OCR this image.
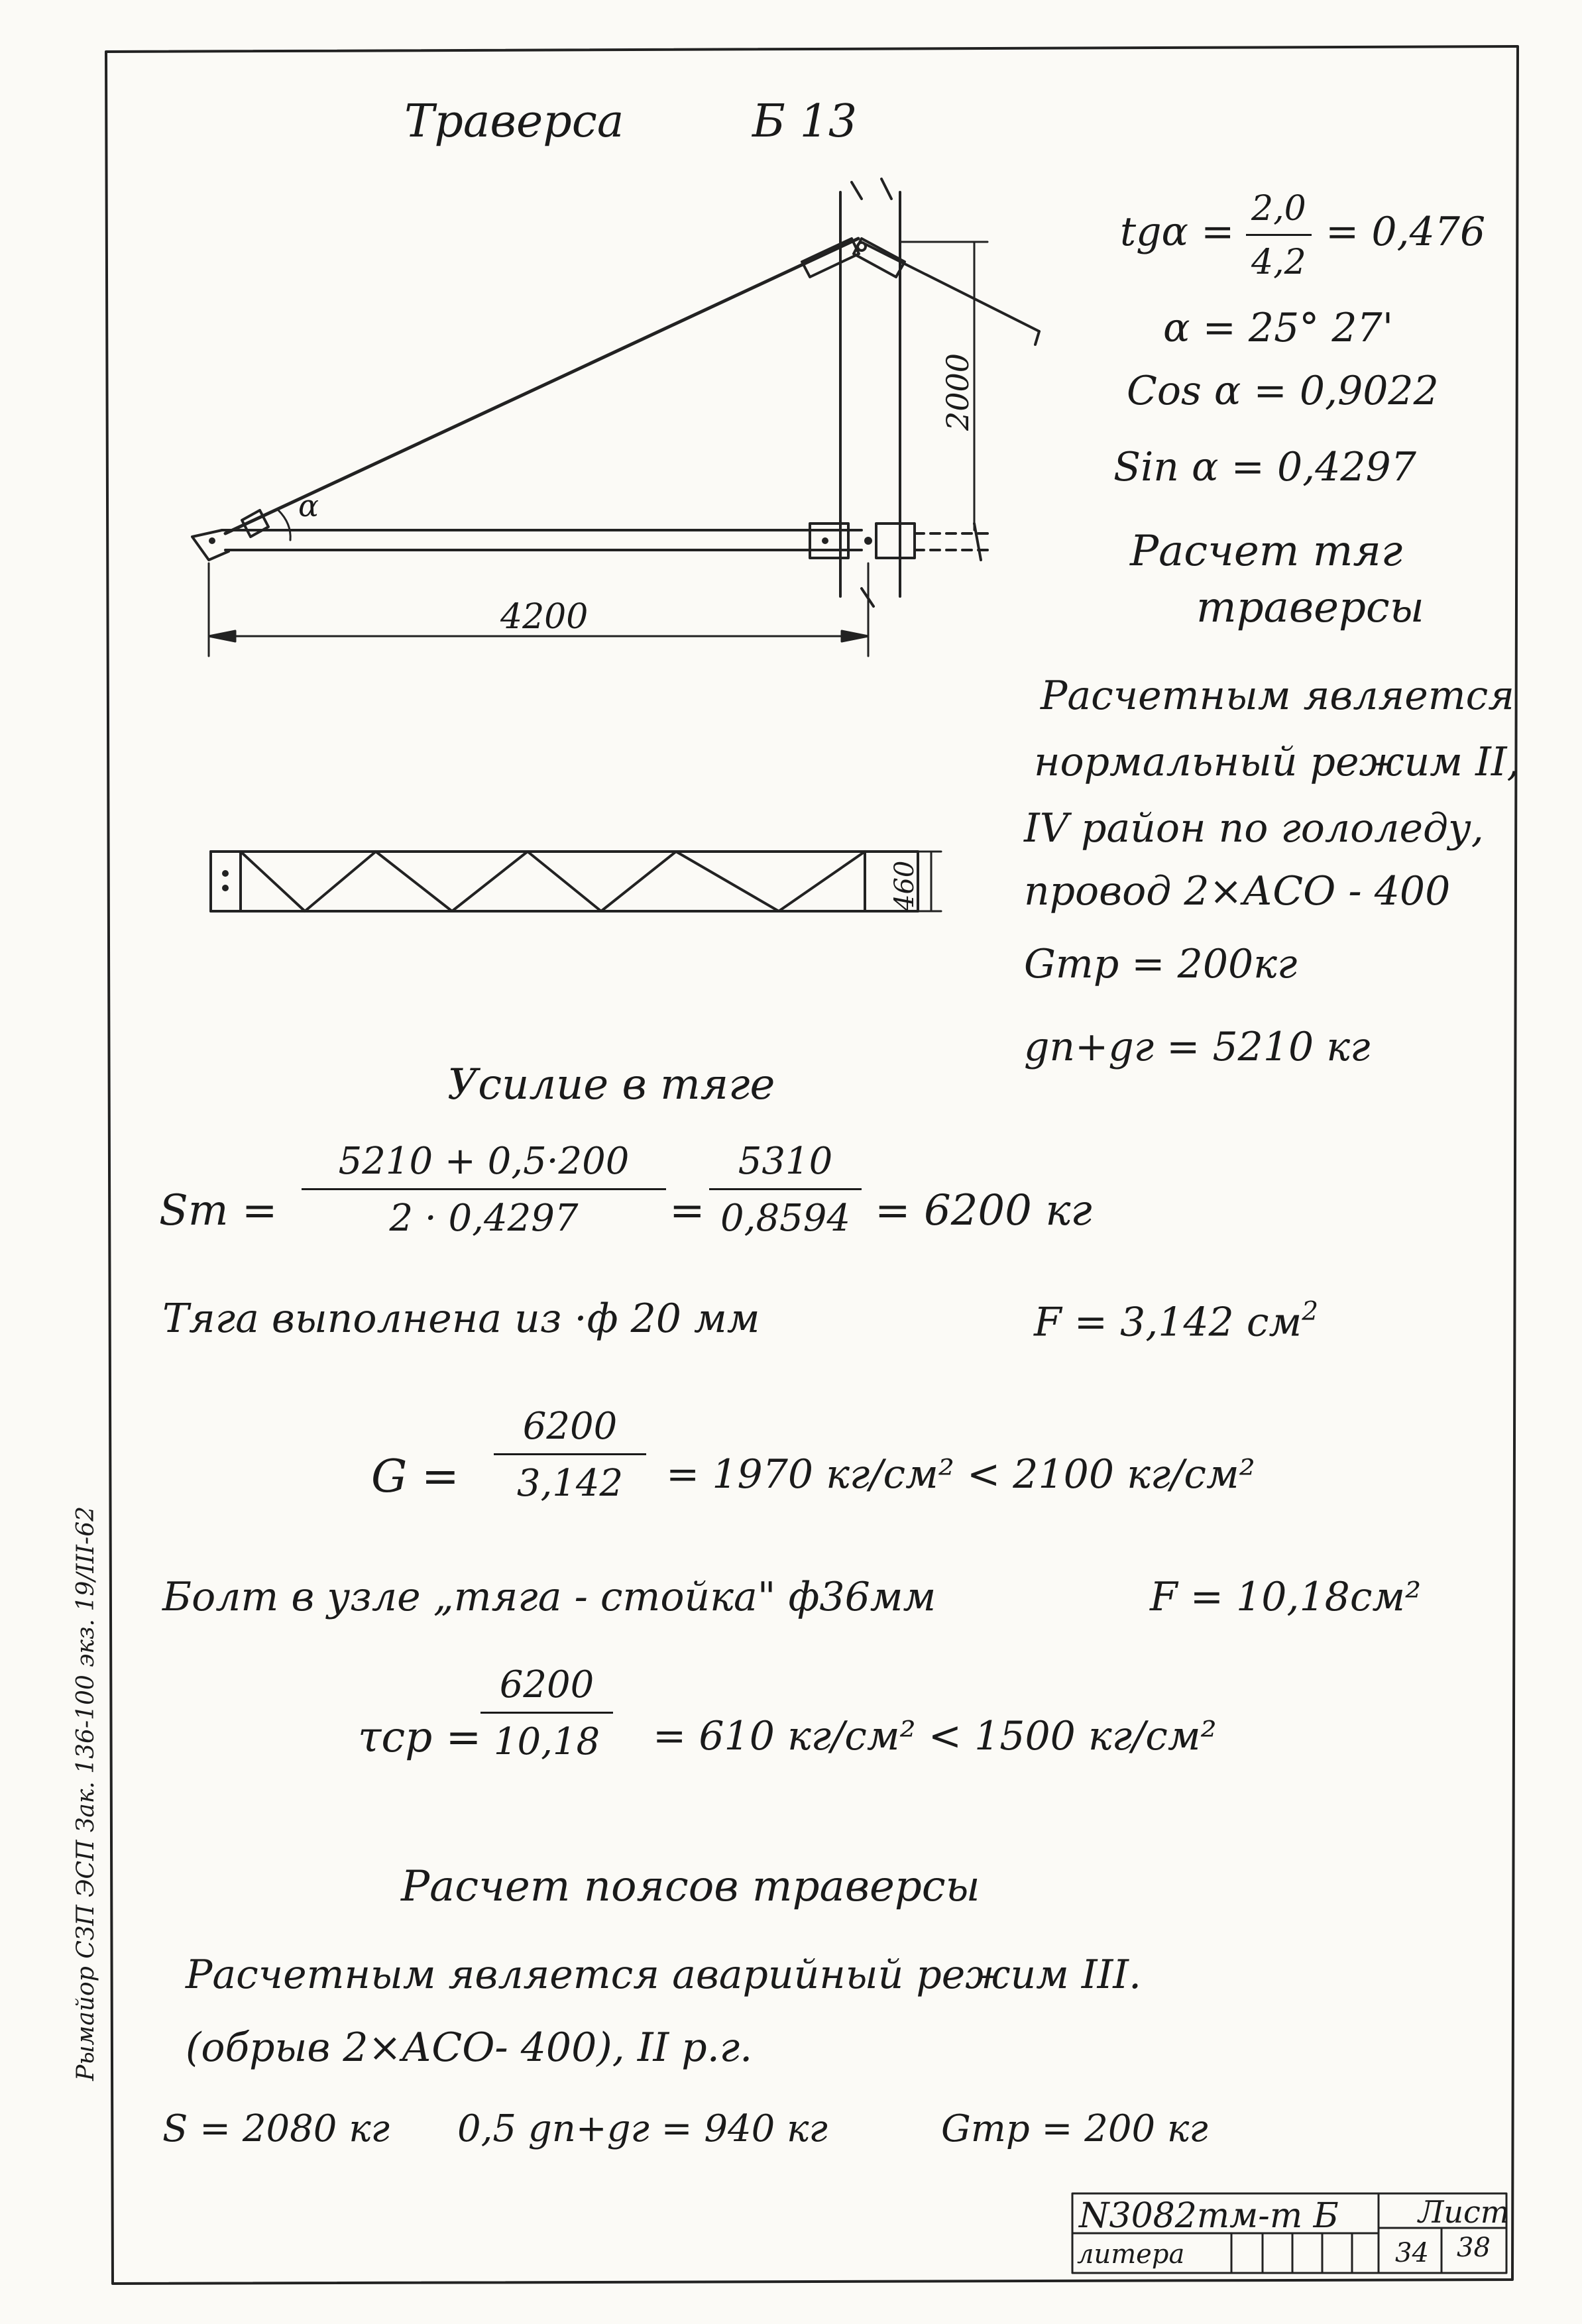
Траверса	Б 13
tgα = 2,0
4,2
= 0,476
α = 25° 27'
Cos α = 0,9022
Sin α = 0,4297
Расчет тяг
траверсы
Расчетным является
нормальный режим II,
IV район по гололеду,
провод 2×АСО - 400
Gтр = 200кг
gn+gг = 5210 кг
α
4200
2000
460
Усилие в тяге
Sт =
5210 + 0,5·200
2 · 0,4297 =
5310
0,8594 = 6200 кг
Тяга выполнена из ·ф 20 мм	F = 3,142 $см^2$
G =
6200
3,142 = 1970 кг/см² < 2100 кг/см²
Болт в узле „тяга - стойка" ф36мм	F = 10,18см²
τср =
6200
10,18 = 610 кг/см² < 1500 кг/см²
Расчет поясов траверсы
Расчетным является аварийный режим III.
(обрыв 2×АСО- 400), II р.г.
S = 2080 кг 0,5 gn+gг = 940 кг	Gтр = 200 кг
Рымайор СЗП ЭСП Зак. 136-100 экз. 19/III-62
N3082тм-т Б	Лист
литера	34 38
